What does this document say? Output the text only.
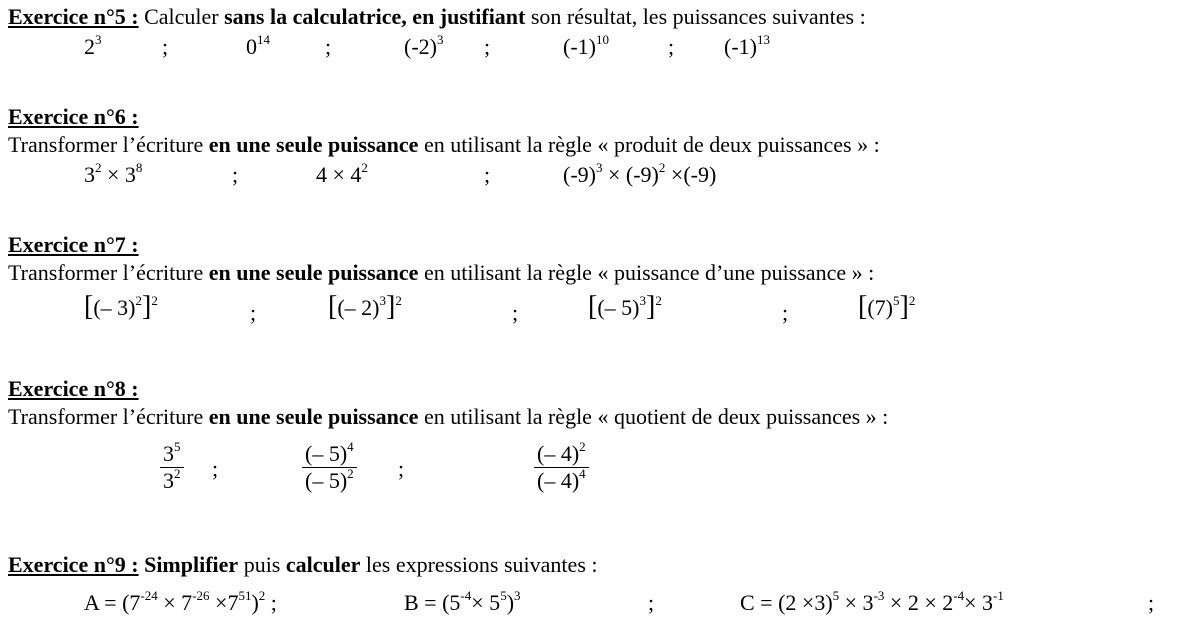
Exercice n°5 : Calculer sans la calculatrice, en justifiant son résultat, les puissances suivantes :
$2^3$	;	$0^{14}$	;	$(-2)^3$ ;	$(-1)^{10}$	; $(-1)^{13}$
Exercice n°6 :
Transformer l’écriture en une seule puissance en utilisant la règle « produit de deux puissances » :
$3^2 \times 3^8$	;	$4 \times 4^2$	;	$(-9)^3 \times (-9)^2 \times(-9)$
Exercice n°7 :
Transformer l’écriture en une seule puissance en utilisant la règle « puissance d’une puissance » :
[(– 3)$^2$]$^2$	;	[(– 2)$^3$]$^2$	; [(– 5)$^3$]$^2$	; $[(7)^5]^2$
Exercice n°8 :
Transformer l’écriture en une seule puissance en utilisant la règle « quotient de deux puissances » :
$\frac{3^5}{3^2}$ ;	$\frac{(- 5)^4}{(- 5)^2}$ ;	$\frac{(- 4)^2}{(- 4)^4}$
Exercice n°9 : Simplifier puis calculer les expressions suivantes :
$A = (7^{-24} \times 7^{-26} \times 7^{51})^2$ ;	$B = (5^{-4}\times 5^5)^3$	;	$C = (2 \times 3)^5 \times 3^{-3} \times 2 \times 2^{-4}\times 3^{-1}$	;
